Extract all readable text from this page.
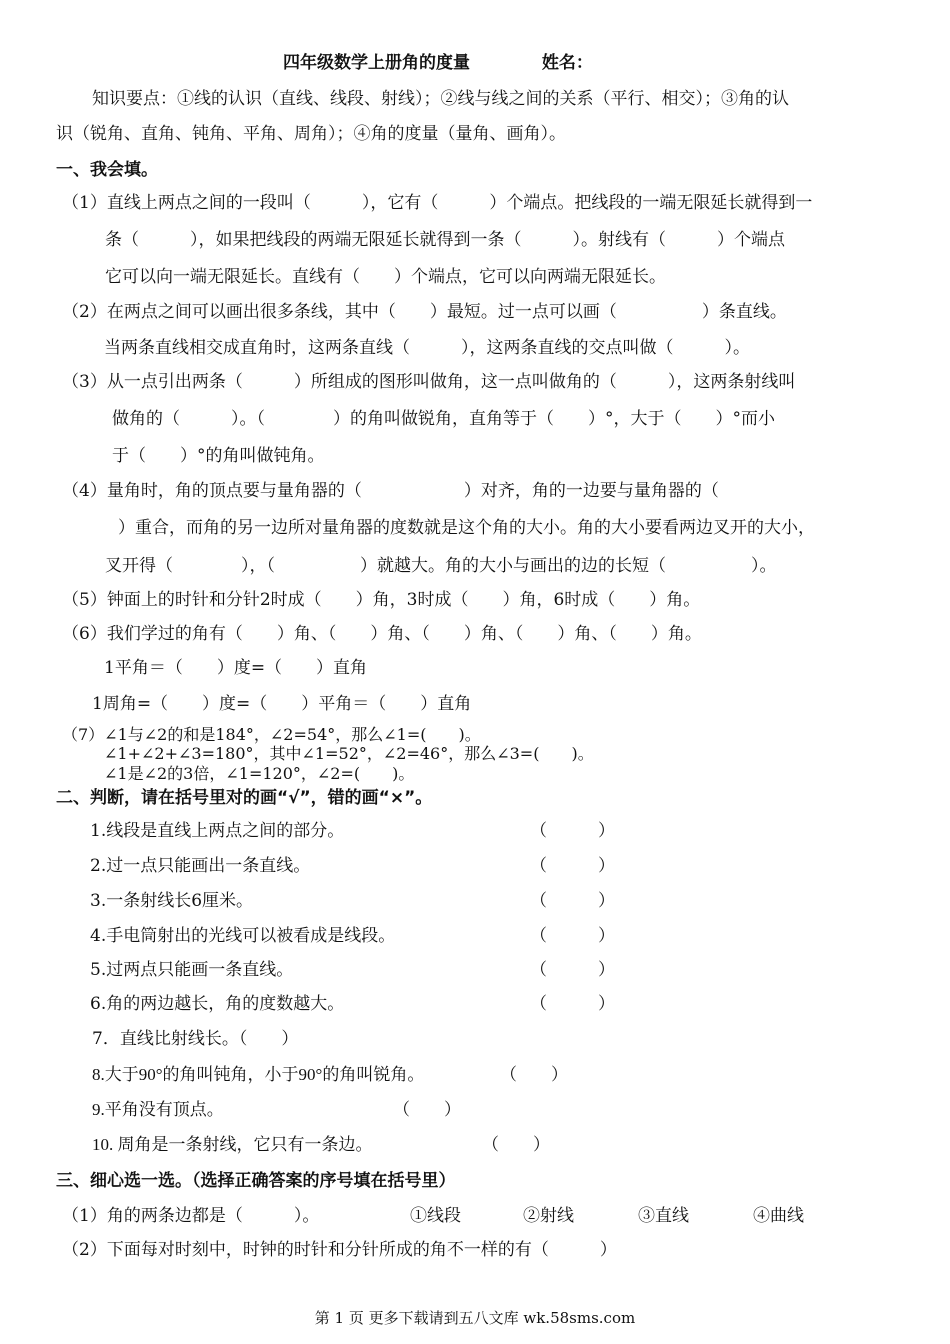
四年级数学上册角的度量	姓名：
知识要点：①线的认识（直线、线段、射线）；②线与线之间的关系（平行、相交）；③角的认
识（锐角、直角、钝角、平角、周角）；④角的度量（量角、画角）。
一、我会填。
（1）直线上两点之间的一段叫（　　　），它有（　　　）个端点。把线段的一端无限延长就得到一
条（　　　），如果把线段的两端无限延长就得到一条（　　　）。射线有（　　　）个端点
它可以向一端无限延长。直线有（　　）个端点，它可以向两端无限延长。
（2）在两点之间可以画出很多条线，其中（　　）最短。过一点可以画（　　　　　）条直线。
当两条直线相交成直角时，这两条直线（　　　），这两条直线的交点叫做（　　　）。
（3）从一点引出两条（　　　）所组成的图形叫做角，这一点叫做角的（　　　），这两条射线叫
做角的（　　　）。（　　　　）的角叫做锐角，直角等于（　　）°，大于（　　）°而小
于（　　）°的角叫做钝角。
（4）量角时，角的顶点要与量角器的（　　　　　　）对齐，角的一边要与量角器的（
）重合，而角的另一边所对量角器的度数就是这个角的大小。角的大小要看两边叉开的大小，
叉开得（　　　　），（　　　　　）就越大。角的大小与画出的边的长短（　　　　　）。
（5）钟面上的时针和分针2时成（　　）角，3时成（　　）角，6时成（　　）角。
（6）我们学过的角有（　　）角、（　　）角、（　　）角、（　　）角、（　　）角。
1平角＝（　　）度=（　　）直角
1周角=（　　）度=（　　）平角＝（　　）直角
（7）∠1与∠2的和是184°，∠2=54°，那么∠1=(　　)。
∠1+∠2+∠3=180°，其中∠1=52°，∠2=46°，那么∠3=(　　)。
∠1是∠2的3倍，∠1=120°，∠2=(　　)。
二、判断，请在括号里对的画“√”，错的画“×”。
1.线段是直线上两点之间的部分。	（　　　）
2.过一点只能画出一条直线。	（　　　）
3.一条射线长6厘米。	（　　　）
4.手电筒射出的光线可以被看成是线段。	（　　　）
5.过两点只能画一条直线。	（　　　）
6.角的两边越长，角的度数越大。	（　　　）
7．直线比射线长。（　　）
8.大于90°的角叫钝角，小于90°的角叫锐角。	（　　）
9.平角没有顶点。	（　　）
10. 周角是一条射线，它只有一条边。	（　　）
三、细心选一选。（选择正确答案的序号填在括号里）
（1）角的两条边都是（　　　）。	①线段	②射线	③直线	④曲线
（2）下面每对时刻中，时钟的时针和分针所成的角不一样的有（　　　）
第 1 页 更多下载请到五八文库 wk.58sms.com
